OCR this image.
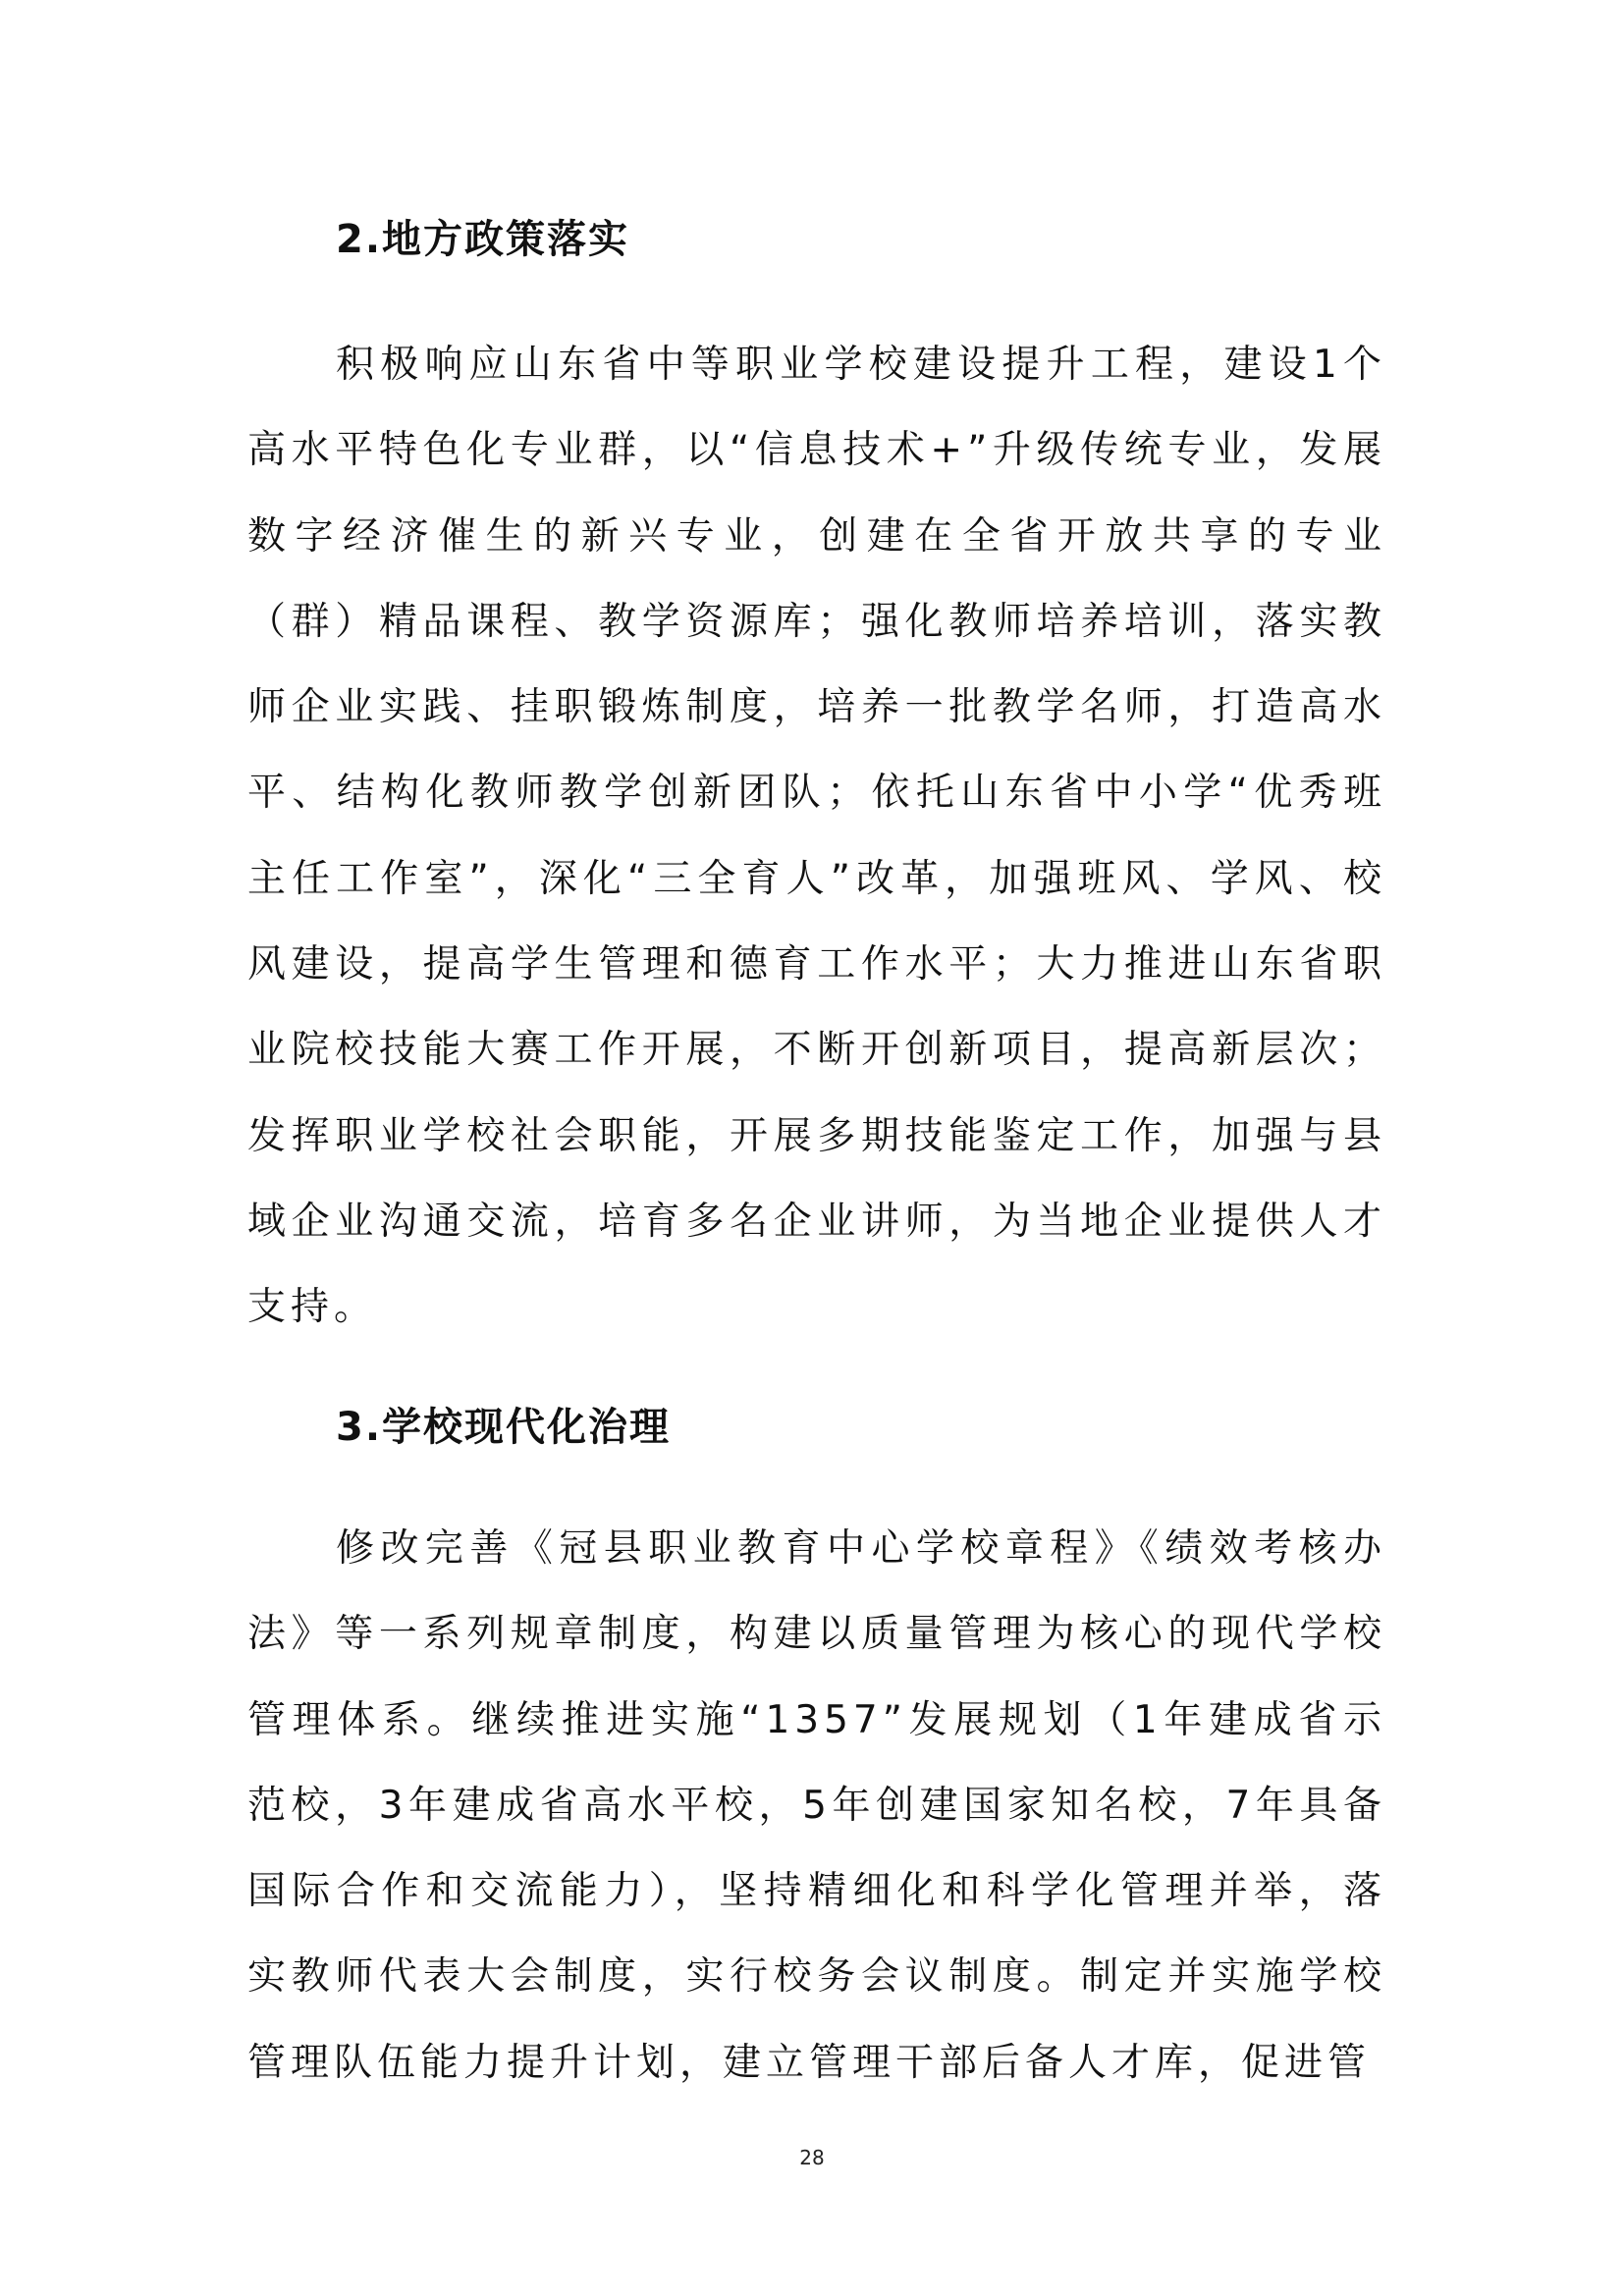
2.地方政策落实

积极响应山东省中等职业学校建设提升工程，建设1个高水平特色化专业群，以“信息技术+”升级传统专业，发展数字经济催生的新兴专业，创建在全省开放共享的专业（群）精品课程、教学资源库；强化教师培养培训，落实教师企业实践、挂职锻炼制度，培养一批教学名师，打造高水平、结构化教师教学创新团队；依托山东省中小学“优秀班主任工作室”，深化“三全育人”改革，加强班风、学风、校风建设，提高学生管理和德育工作水平；大力推进山东省职业院校技能大赛工作开展，不断开创新项目，提高新层次；发挥职业学校社会职能，开展多期技能鉴定工作，加强与县域企业沟通交流，培育多名企业讲师，为当地企业提供人才支持。

3.学校现代化治理

修改完善《冠县职业教育中心学校章程》《绩效考核办法》等一系列规章制度，构建以质量管理为核心的现代学校管理体系。继续推进实施“1357”发展规划（1年建成省示范校，3年建成省高水平校，5年创建国家知名校，7年具备国际合作和交流能力），坚持精细化和科学化管理并举，落实教师代表大会制度，实行校务会议制度。制定并实施学校管理队伍能力提升计划，建立管理干部后备人才库，促进管

28
